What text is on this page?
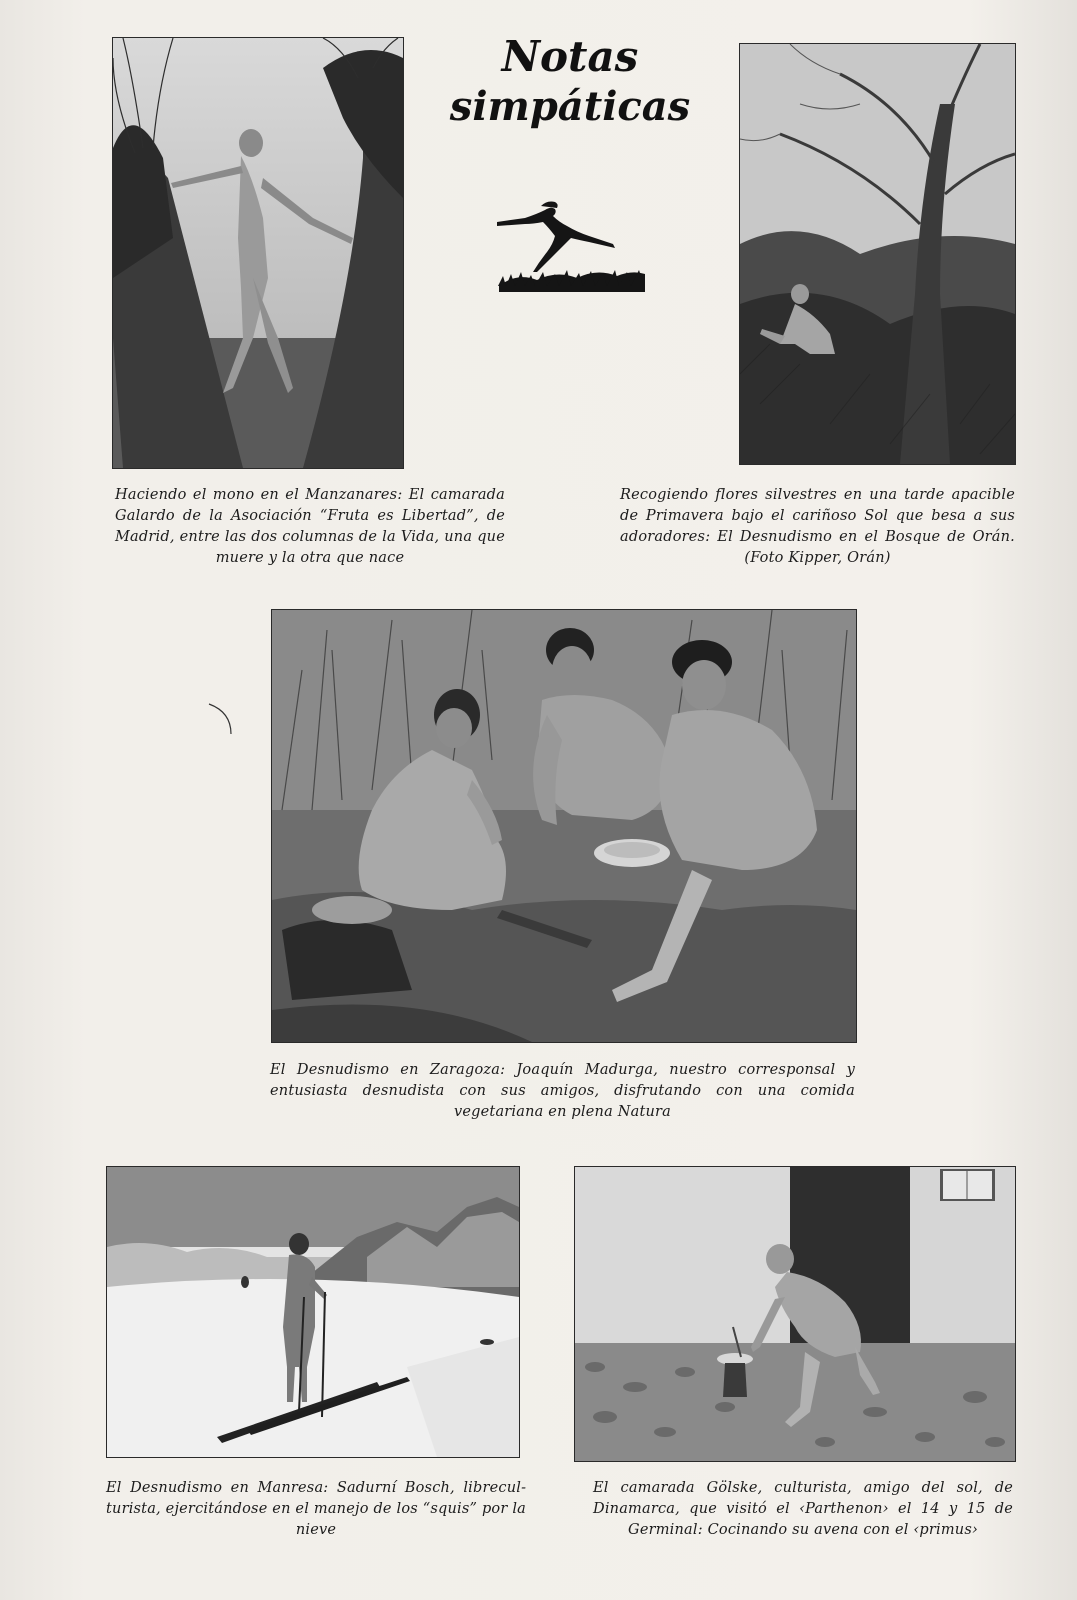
Notas
simpáticas
Haciendo el mono en el Manzanares: El camarada Galardo de la Asociación “Fruta es Libertad”, de Madrid, entre las dos columnas de la Vida, una que muere y la otra que nace
Recogiendo flores silvestres en una tarde apacible de Primavera bajo el cariñoso Sol que besa a sus adoradores: El Desnudismo en el Bosque de Orán. (Foto Kipper, Orán)
El Desnudismo en Zaragoza: Joaquín Madurga, nuestro corresponsal y entusiasta desnudista con sus amigos, disfrutando con una comida vegetariana en plena Natura
El Desnudismo en Manresa: Sadurní Bosch, libreculturista, ejercitándose en el manejo de los “squis” por la nieve
El camarada Gölske, culturista, amigo del sol, de Dinamarca, que visitó el ‹Parthenon› el 14 y 15 de Germinal: Cocinando su avena con el ‹primus›
